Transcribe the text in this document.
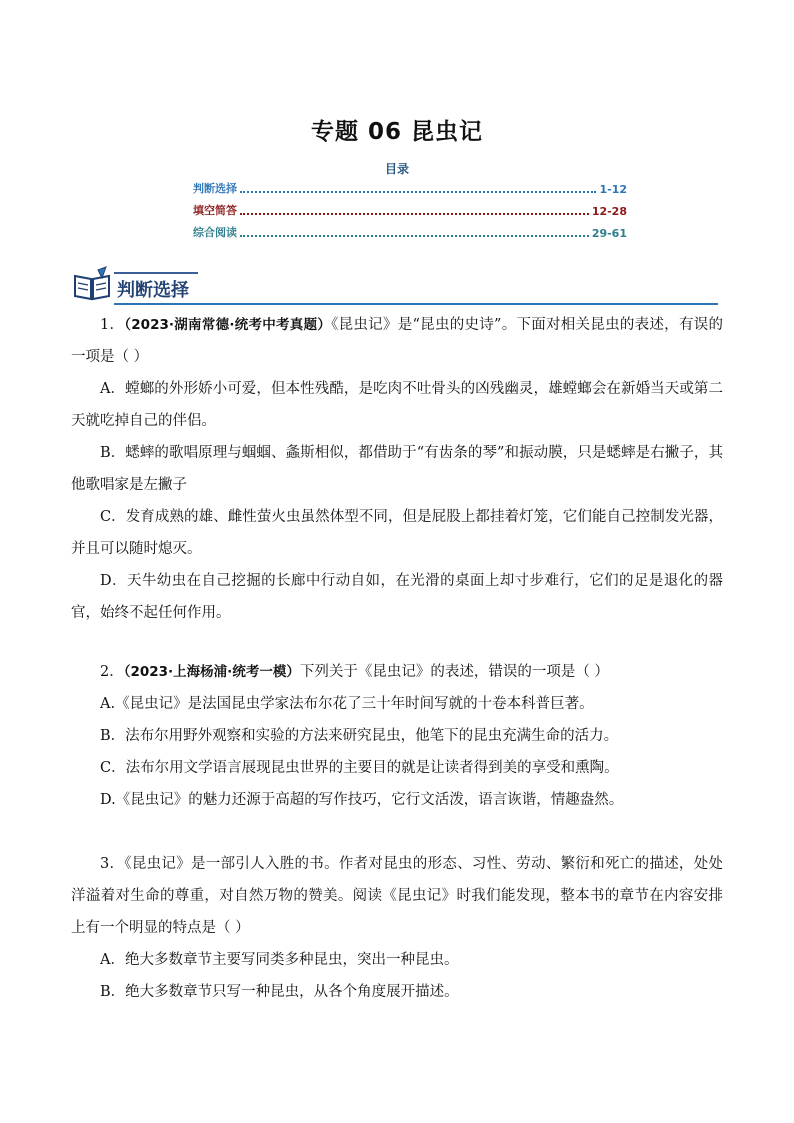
专题 06 昆虫记
目录
判断选择	1-12
填空简答	12-28
综合阅读	29-61
判断选择

1．（2023·湖南常德·统考中考真题）《昆虫记》是“昆虫的史诗”。下面对相关昆虫的表述，有误的一项是（ ）

A．螳螂的外形娇小可爱，但本性残酷，是吃肉不吐骨头的凶残幽灵，雄螳螂会在新婚当天或第二天就吃掉自己的伴侣。

B．蟋蟀的歌唱原理与蝈蝈、螽斯相似，都借助于“有齿条的琴”和振动膜，只是蟋蟀是右撇子，其他歌唱家是左撇子

C．发育成熟的雄、雌性萤火虫虽然体型不同，但是屁股上都挂着灯笼，它们能自己控制发光器，并且可以随时熄灭。

D．天牛幼虫在自己挖掘的长廊中行动自如，在光滑的桌面上却寸步难行，它们的足是退化的器官，始终不起任何作用。

2．（2023·上海杨浦·统考一模）下列关于《昆虫记》的表述，错误的一项是（ ）

A.《昆虫记》是法国昆虫学家法布尔花了三十年时间写就的十卷本科普巨著。

B．法布尔用野外观察和实验的方法来研究昆虫，他笔下的昆虫充满生命的活力。

C．法布尔用文学语言展现昆虫世界的主要目的就是让读者得到美的享受和熏陶。

D.《昆虫记》的魅力还源于高超的写作技巧，它行文活泼，语言诙谐，情趣盎然。

3．《昆虫记》是一部引人入胜的书。作者对昆虫的形态、习性、劳动、繁衍和死亡的描述，处处洋溢着对生命的尊重，对自然万物的赞美。阅读《昆虫记》时我们能发现，整本书的章节在内容安排上有一个明显的特点是（ ）

A．绝大多数章节主要写同类多种昆虫，突出一种昆虫。

B．绝大多数章节只写一种昆虫，从各个角度展开描述。
